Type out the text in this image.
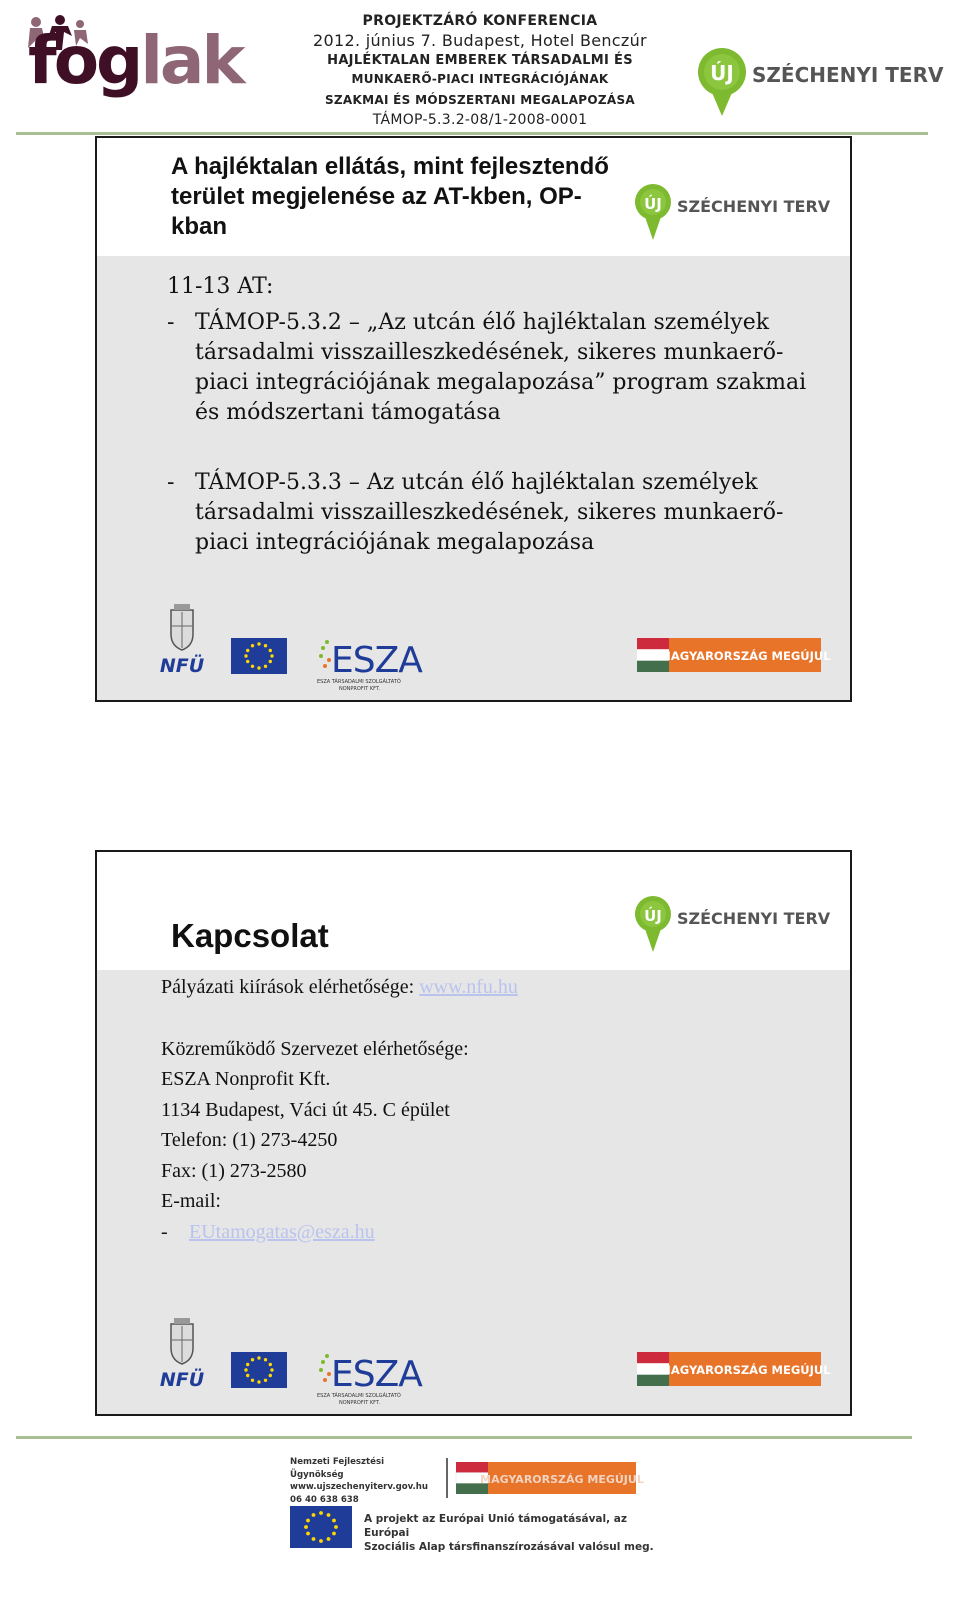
foglak
PROJEKTZÁRÓ KONFERENCIA
2012. június 7. Budapest, Hotel Benczúr
HAJLÉKTALAN EMBEREK TÁRSADALMI ÉS
MUNKAERŐ-PIACI INTEGRÁCIÓJÁNAK
SZAKMAI ÉS MÓDSZERTANI MEGALAPOZÁSA
TÁMOP-5.3.2-08/1-2008-0001
ÚJ SZÉCHENYI TERV
A hajléktalan ellátás, mint fejlesztendő terület megjelenése az AT-kben, OP-kban
ÚJ SZÉCHENYI TERV
11-13 AT:
- TÁMOP-5.3.2 – „Az utcán élő hajléktalan személyek társadalmi visszailleszkedésének, sikeres munkaerő-piaci integrációjának megalapozása” program szakmai és módszertani támogatása
- TÁMOP-5.3.3 – Az utcán élő hajléktalan személyek társadalmi visszailleszkedésének, sikeres munkaerő-piaci integrációjának megalapozása
NFÜ	ESZA
ESZA TÁRSADALMI SZOLGÁLTATÓ
NONPROFIT KFT.
MAGYARORSZÁG MEGÚJUL
Kapcsolat
ÚJ SZÉCHENYI TERV

Pályázati kiírások elérhetősége: www.nfu.hu

Közreműködő Szervezet elérhetősége:

ESZA Nonprofit Kft.

1134 Budapest, Váci út 45. C épület

Telefon: (1) 273-4250

Fax: (1) 273-2580

E-mail:

- EUtamogatas@esza.hu

NFÜ	ESZA
ESZA TÁRSADALMI SZOLGÁLTATÓ
NONPROFIT KFT.
MAGYARORSZÁG MEGÚJUL
Nemzeti Fejlesztési Ügynökség
www.ujszechenyiterv.gov.hu
06 40 638 638
MAGYARORSZÁG MEGÚJUL
A projekt az Európai Unió támogatásával, az Európai
Szociális Alap társfinanszírozásával valósul meg.
